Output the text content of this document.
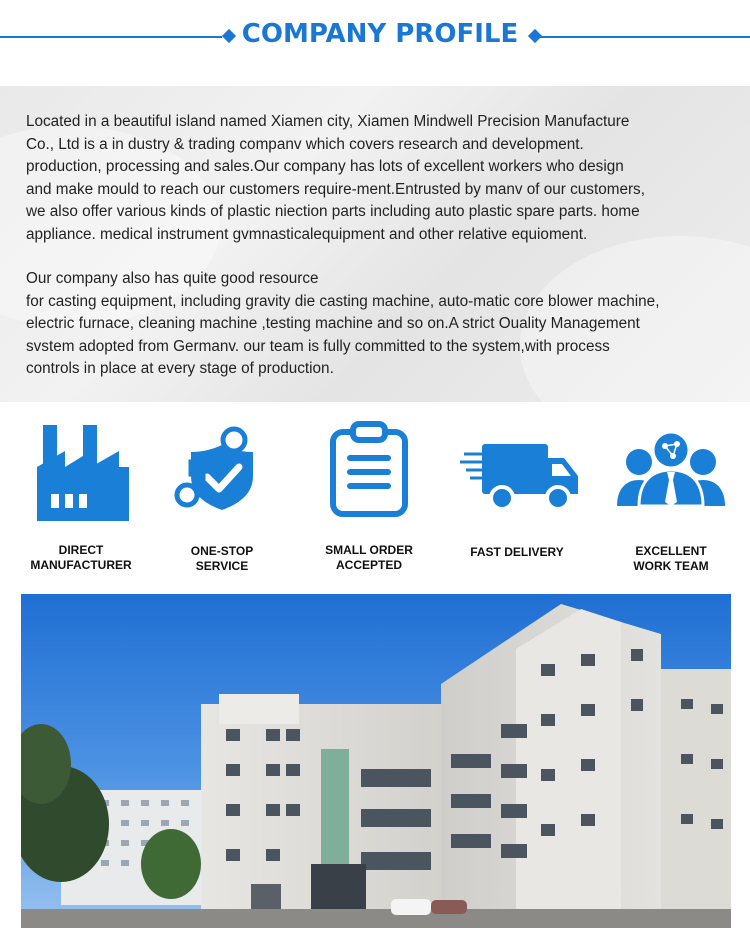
COMPANY PROFILE

Located in a beautiful island named Xiamen city, Xiamen Mindwell Precision Manufacture
Co., Ltd is a in dustry & trading companv which covers research and development.
production, processing and sales.Our company has lots of excellent workers who design
and make mould to reach our customers require-ment.Entrusted by manv of our customers,
we also offer various kinds of plastic niection parts including auto plastic spare parts. home
appliance. medical instrument gvmnasticalequipment and other relative equioment.

Our company also has quite good resource
for casting equipment, including gravity die casting machine, auto-matic core blower machine,
electric furnace, cleaning machine ,testing machine and so on.A strict Ouality Management
svstem adopted from Germanv. our team is fully committed to the system,with process
controls in place at every stage of production.

DIRECT
MANUFACTURER
ONE-STOP
SERVICE
SMALL ORDER
ACCEPTED
FAST DELIVERY	EXCELLENT
WORK TEAM
